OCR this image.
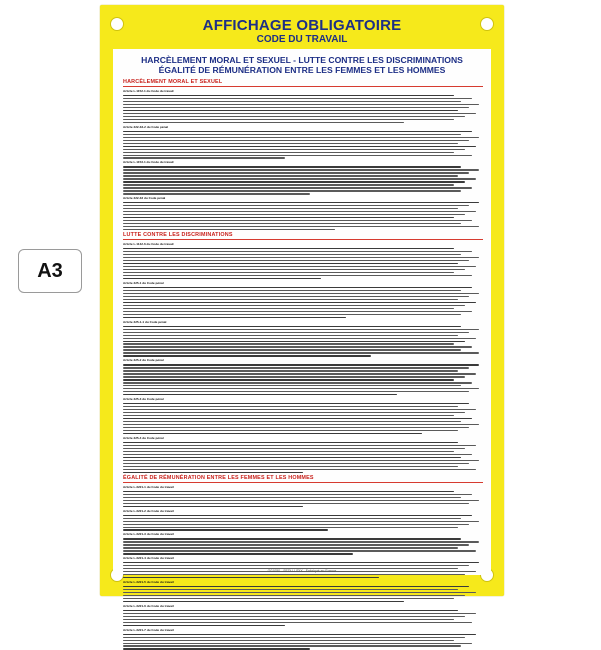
A3
AFFICHAGE OBLIGATOIRE
CODE DU TRAVAIL
HARCÈLEMENT MORAL ET SEXUEL - LUTTE CONTRE LES DISCRIMINATIONS
ÉGALITÉ DE RÉMUNÉRATION ENTRE LES FEMMES ET LES HOMMES
HARCÈLEMENT MORAL ET SEXUEL
Article L.1152-1 du Code du travail
Article 222-33-2 du Code pénal
Article L.1153-1 du Code du travail
Article 222-33 du Code pénal
LUTTE CONTRE LES DISCRIMINATIONS
Article L.1142-6 du Code du travail
Article 225-1 du Code pénal
Article 225-1-1 du Code pénal
Article 225-2 du Code pénal
Article 225-3 du Code pénal
Article 225-4 du Code pénal
ÉGALITÉ DE RÉMUNÉRATION ENTRE LES FEMMES ET LES HOMMES
Article L.3221-1 du Code du travail
Article L.3221-2 du Code du travail
Article L.3221-3 du Code du travail
Article L.3221-4 du Code du travail
Article L.3221-5 du Code du travail
Article L.3221-6 du Code du travail
Article L.3221-7 du Code du travail
G01050 - SEDI LUDIX - Fabriqué en France
